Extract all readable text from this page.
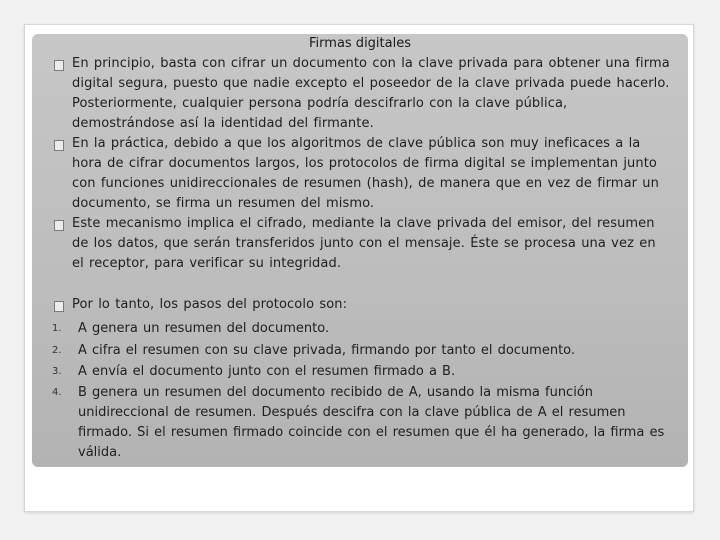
Firmas digitales
En principio, basta con cifrar un documento con la clave privada para obtener una firma digital segura, puesto que nadie excepto el poseedor de la clave privada puede hacerlo. Posteriormente, cualquier persona podría descifrarlo con la clave pública, demostrándose así la identidad del firmante.
En la práctica, debido a que los algoritmos de clave pública son muy ineficaces a la hora de cifrar documentos largos, los protocolos de firma digital se implementan junto con funciones unidireccionales de resumen (hash), de manera que en vez de firmar un documento, se firma un resumen del mismo.
Este mecanismo implica el cifrado, mediante la clave privada del emisor, del resumen de los datos, que serán transferidos junto con el mensaje. Éste se procesa una vez en el receptor, para verificar su integridad.
Por lo tanto, los pasos del protocolo son:
1. A genera un resumen del documento.
2. A cifra el resumen con su clave privada, firmando por tanto el documento.
3. A envía el documento junto con el resumen firmado a B.
4. B genera un resumen del documento recibido de A, usando la misma función unidireccional de resumen. Después descifra con la clave pública de A el resumen firmado. Si el resumen firmado coincide con el resumen que él ha generado, la firma es válida.
